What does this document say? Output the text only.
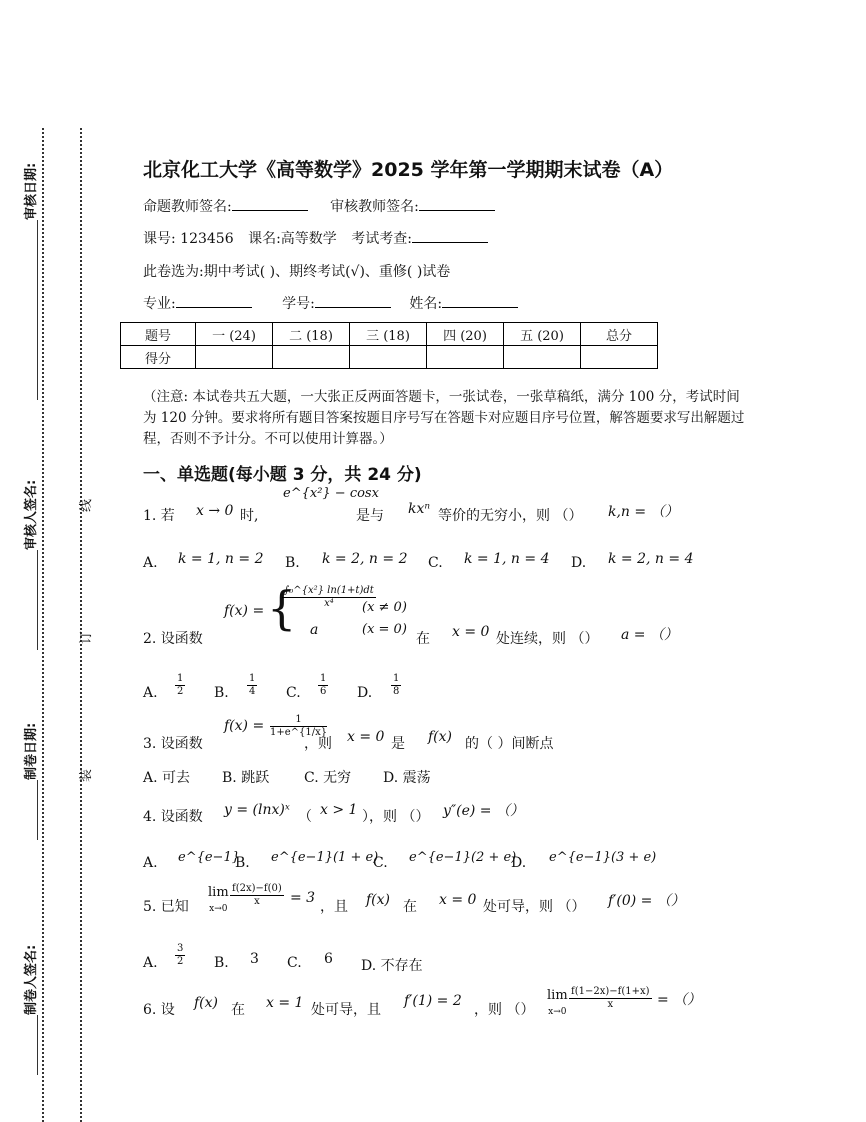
审核日期:
审核人签名:
制卷日期:
制卷人签名:
线
订
装
北京化工大学《高等数学》2025 学年第一学期期末试卷（A）
命题教师签名:	审核教师签名:
课号: 123456 课名:高等数学 考试考查:
此卷选为:期中考试( )、期终考试(√)、重修( )试卷
专业:	学号:	姓名:
题号	一 (24)	二 (18)	三 (18)	四 (20)	五 (20)	总分
得分						
（注意: 本试卷共五大题，一大张正反两面答题卡，一张试卷，一张草稿纸，满分 100 分，考试时间为 120 分钟。要求将所有题目答案按题目序号写在答题卡对应题目序号位置，解答题要求写出解题过程，否则不予计分。不可以使用计算器。）
一、单选题(每小题 3 分，共 24 分)
e^{x²} − cosx
1. 若 x → 0 时,	是与 kxⁿ 等价的无穷小，则 （） k,n = （）
A. k = 1, n = 2 B. k = 2, n = 2 C. k = 1, n = 4 D. k = 2, n = 4
f(x) = {
$\frac{\text{∫₀\textasciicircum{}\{x²\} ln(1+t)dt}}{\text{x⁴}}$
(x ≠ 0)
a	(x = 0)
2. 设函数	在 x = 0 处连续，则 （） a = （）
A. $\frac{1}{2} B$. $\frac{1}{4} C$. $\frac{1}{6} D$. $\frac{1}{8}$
3. 设函数
$f(x) = \frac{1}{1+e\^{}\{1/x\}}$
，则 x = 0 是 f(x) 的（ ）间断点
A. 可去 B. 跳跃 C. 无穷 D. 震荡
4. 设函数 y = (lnx)ˣ （ x > 1 ），则 （） y″(e) = （）
A. e^{e−1}
B. e^{e−1}(1 + e)
C. e^{e−1}(2 + e)
D. e^{e−1}(3 + e)
5. 已知
lim
x→0
$\frac{f(2x)-f(0)}{x} = 3$
，且 f(x) 在 x = 0 处可导，则 （） f′(0) = （）
A. $\frac{3}{2} B$. 3 C. 6 D. 不存在
6. 设 f(x) 在 x = 1 处可导，且
f′(1) = 2
，则 （）
lim
x→0
$\frac{f(1-2x)-f(1+x)}{x}$ = （）
